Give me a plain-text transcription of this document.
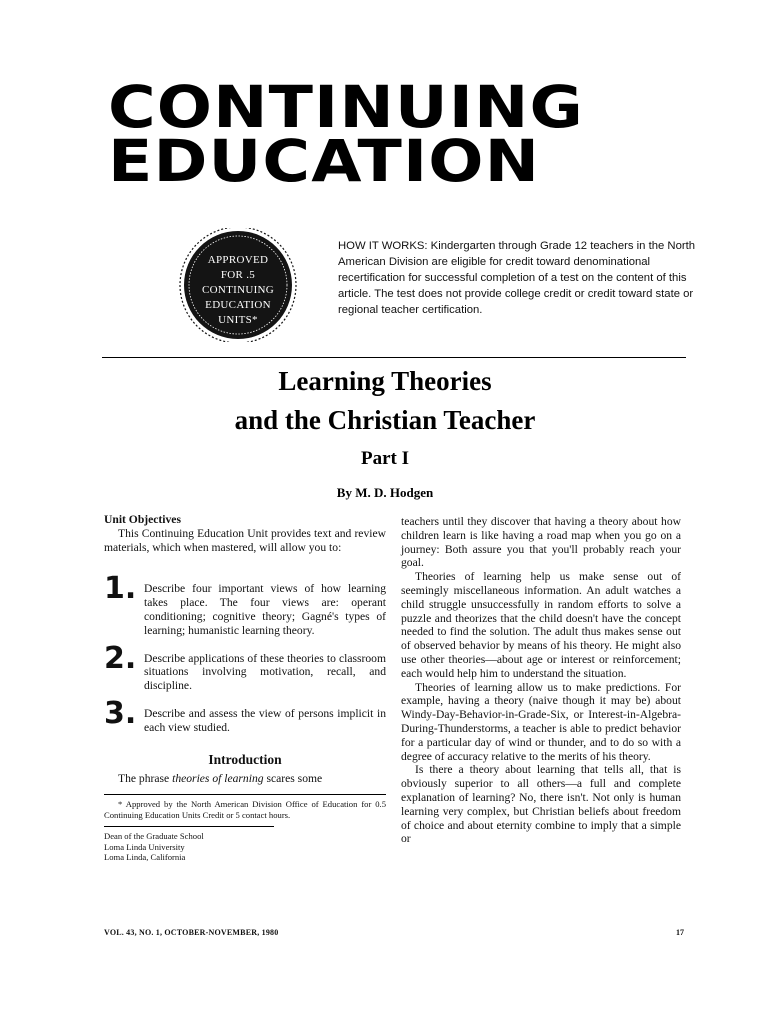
CONTINUING
EDUCATION
APPROVED
FOR .5
CONTINUING
EDUCATION
UNITS*
HOW IT WORKS: Kindergarten through Grade 12 teachers in the North American Division are eligible for credit toward denominational recertification for successful completion of a test on the content of this article. The test does not provide college credit or credit toward state or regional teacher certification.
Learning Theories
and the Christian Teacher
Part I
By M. D. Hodgen

Unit Objectives

This Continuing Education Unit provides text and review materials, which when mastered, will allow you to:

1. Describe four important views of how learning takes place. The four views are: operant conditioning; cognitive theory; Gagné's types of learning; humanistic learning theory.
2. Describe applications of these theories to classroom situations involving motivation, recall, and discipline.
3. Describe and assess the view of persons implicit in each view studied.
Introduction

The phrase theories of learning scares some

* Approved by the North American Division Office of Education for 0.5 Continuing Education Units Credit or 5 contact hours.

Dean of the Graduate School
Loma Linda University
Loma Linda, California

teachers until they discover that having a theory about how children learn is like having a road map when you go on a journey: Both assure you that you'll probably reach your goal.

Theories of learning help us make sense out of seemingly miscellaneous information. An adult watches a child struggle unsuccessfully in random efforts to solve a puzzle and theorizes that the child doesn't have the concept needed to find the solution. The adult thus makes sense out of observed behavior by means of his theory. He might also use other theories—about age or interest or reinforcement; each would help him to understand the situation.

Theories of learning allow us to make predictions. For example, having a theory (naive though it may be) about Windy-Day-Behavior-in-Grade-Six, or Interest-in-Algebra-During-Thunderstorms, a teacher is able to predict behavior for a particular day of wind or thunder, and to do so with a degree of accuracy relative to the merits of his theory.

Is there a theory about learning that tells all, that is obviously superior to all others—a full and complete explanation of learning? No, there isn't. Not only is human learning very complex, but Christian beliefs about freedom of choice and about eternity combine to imply that a simple or

VOL. 43, NO. 1, OCTOBER-NOVEMBER, 1980	17
